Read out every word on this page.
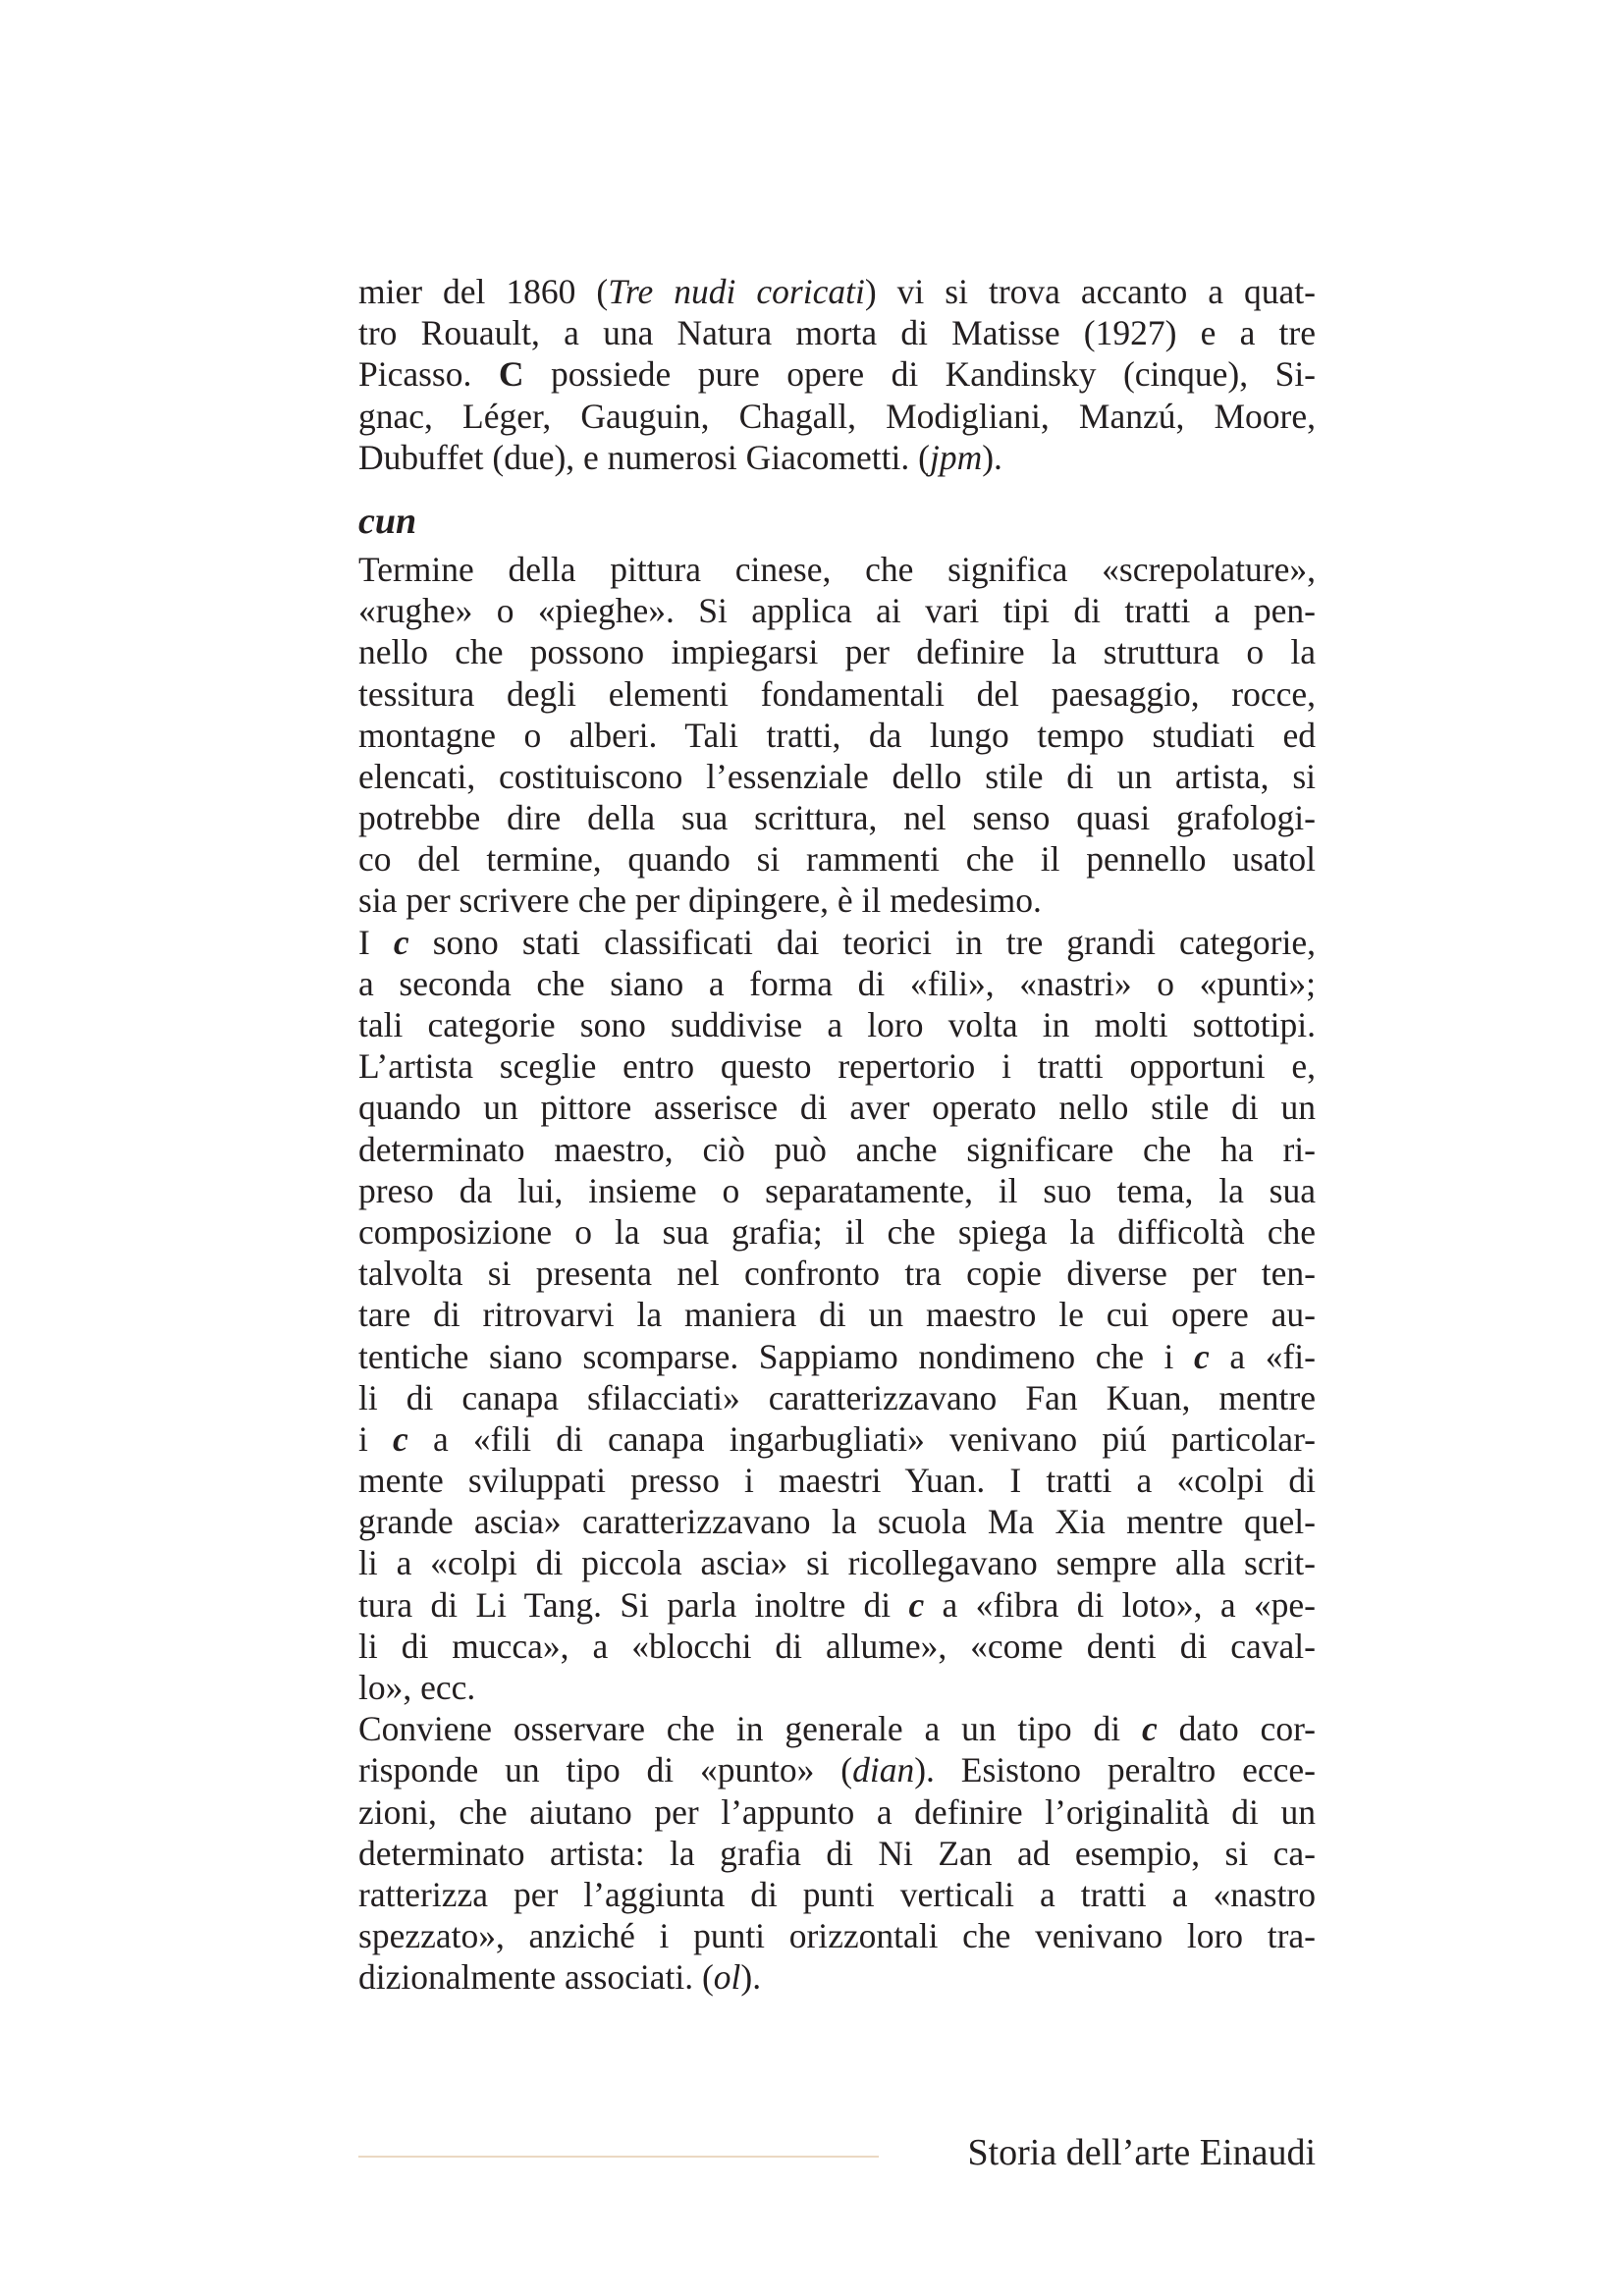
mier del 1860 (Tre nudi coricati) vi si trova accanto a quat-
tro Rouault, a una Natura morta di Matisse (1927) e a tre
Picasso. C possiede pure opere di Kandinsky (cinque), Si-
gnac, Léger, Gauguin, Chagall, Modigliani, Manzú, Moore,
Dubuffet (due), e numerosi Giacometti. (jpm).
cun
Termine della pittura cinese, che significa «screpolature»,
«rughe» o «pieghe». Si applica ai vari tipi di tratti a pen-
nello che possono impiegarsi per definire la struttura o la
tessitura degli elementi fondamentali del paesaggio, rocce,
montagne o alberi. Tali tratti, da lungo tempo studiati ed
elencati, costituiscono l’essenziale dello stile di un artista, si
potrebbe dire della sua scrittura, nel senso quasi grafologi-
co del termine, quando si rammenti che il pennello usatol
sia per scrivere che per dipingere, è il medesimo.
I c sono stati classificati dai teorici in tre grandi categorie,
a seconda che siano a forma di «fili», «nastri» o «punti»;
tali categorie sono suddivise a loro volta in molti sottotipi.
L’artista sceglie entro questo repertorio i tratti opportuni e,
quando un pittore asserisce di aver operato nello stile di un
determinato maestro, ciò può anche significare che ha ri-
preso da lui, insieme o separatamente, il suo tema, la sua
composizione o la sua grafia; il che spiega la difficoltà che
talvolta si presenta nel confronto tra copie diverse per ten-
tare di ritrovarvi la maniera di un maestro le cui opere au-
tentiche siano scomparse. Sappiamo nondimeno che i c a «fi-
li di canapa sfilacciati» caratterizzavano Fan Kuan, mentre
i c a «fili di canapa ingarbugliati» venivano piú particolar-
mente sviluppati presso i maestri Yuan. I tratti a «colpi di
grande ascia» caratterizzavano la scuola Ma Xia mentre quel-
li a «colpi di piccola ascia» si ricollegavano sempre alla scrit-
tura di Li Tang. Si parla inoltre di c a «fibra di loto», a «pe-
li di mucca», a «blocchi di allume», «come denti di caval-
lo», ecc.
Conviene osservare che in generale a un tipo di c dato cor-
risponde un tipo di «punto» (dian). Esistono peraltro ecce-
zioni, che aiutano per l’appunto a definire l’originalità di un
determinato artista: la grafia di Ni Zan ad esempio, si ca-
ratterizza per l’aggiunta di punti verticali a tratti a «nastro
spezzato», anziché i punti orizzontali che venivano loro tra-
dizionalmente associati. (ol).
Storia dell’arte Einaudi
